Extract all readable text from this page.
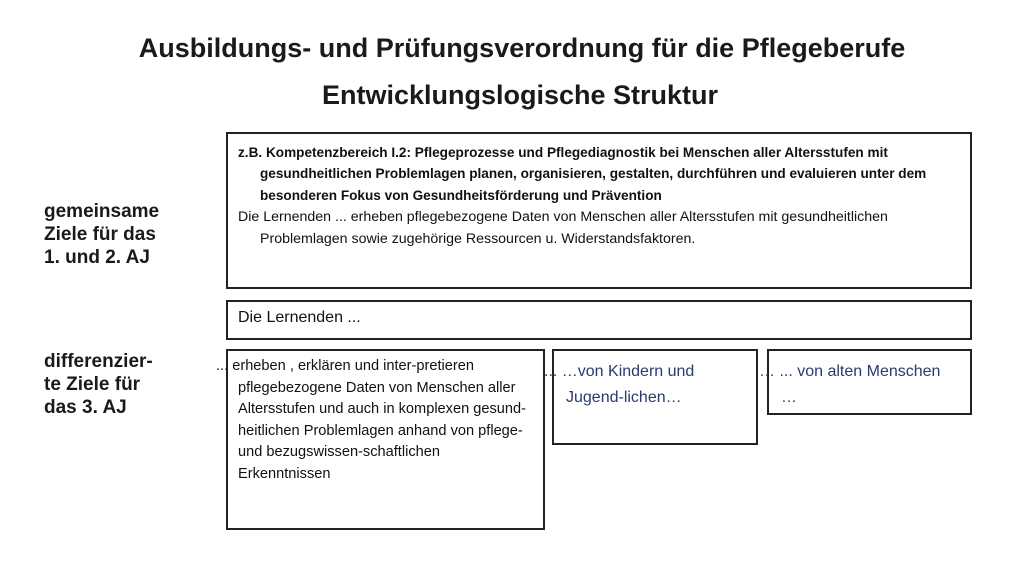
Ausbildungs- und Prüfungsverordnung für die Pflegeberufe
Entwicklungslogische Struktur
gemeinsame
Ziele für das
1. und 2. AJ
differenzier-
te Ziele für
das 3. AJ
z.B. Kompetenzbereich I.2: Pflegeprozesse und Pflegediagnostik bei Menschen aller Altersstufen mit gesundheitlichen Problemlagen planen, organisieren, gestalten, durchführen und evaluieren unter dem besonderen Fokus von Gesundheitsförderung und Prävention
Die Lernenden ... erheben pflegebezogene Daten von Menschen aller Altersstufen mit gesundheitlichen Problemlagen sowie zugehörige Ressourcen u. Widerstandsfaktoren.
Die Lernenden ...
... erheben , erklären und inter-pretieren pflegebezogene Daten von Menschen aller Altersstufen und auch in komplexen gesund-heitlichen Problemlagen anhand von pflege- und bezugswissen-schaftlichen Erkenntnissen
... …von Kindern und Jugend-lichen…
… ... von alten Menschen …
